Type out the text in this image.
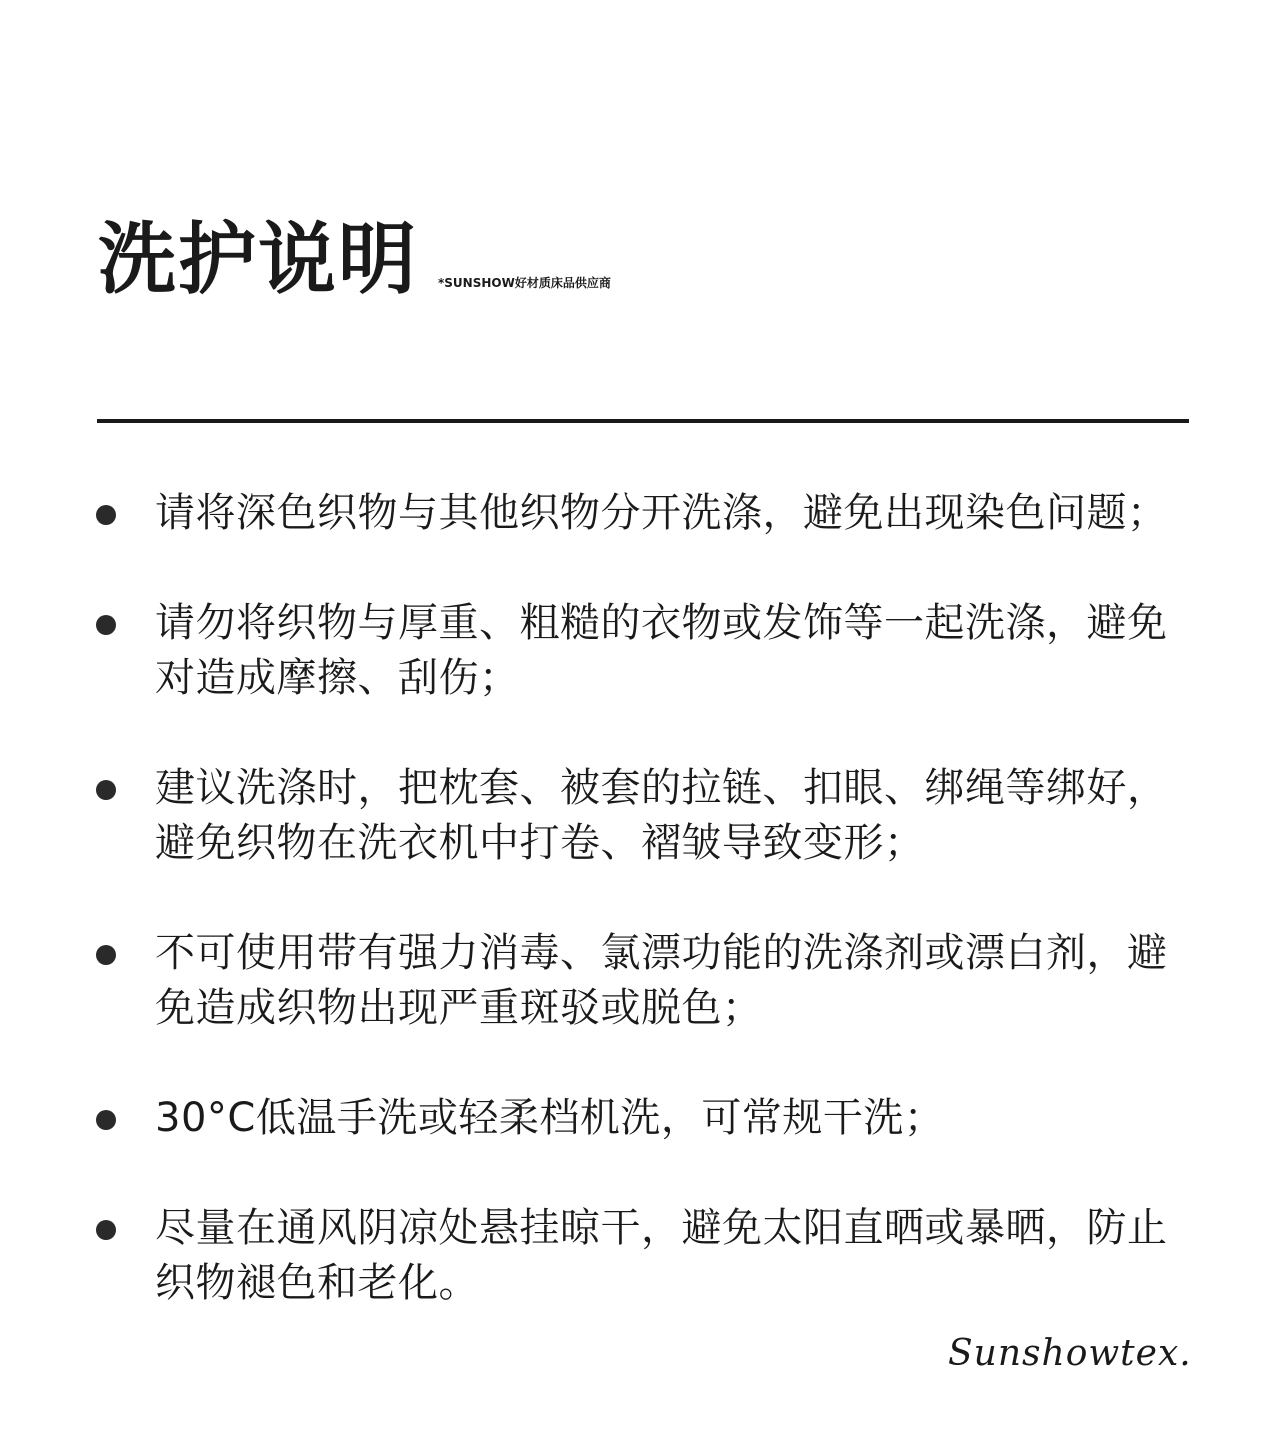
洗护说明 *SUNSHOW好材质床品供应商
请将深色织物与其他织物分开洗涤，避免出现染色问题；
请勿将织物与厚重、粗糙的衣物或发饰等一起洗涤，避免
对造成摩擦、刮伤；
建议洗涤时，把枕套、被套的拉链、扣眼、绑绳等绑好，
避免织物在洗衣机中打卷、褶皱导致变形；
不可使用带有强力消毒、氯漂功能的洗涤剂或漂白剂，避
免造成织物出现严重斑驳或脱色；
30°C低温手洗或轻柔档机洗，可常规干洗；
尽量在通风阴凉处悬挂晾干，避免太阳直晒或暴晒，防止
织物褪色和老化。
Sunshowtex.
